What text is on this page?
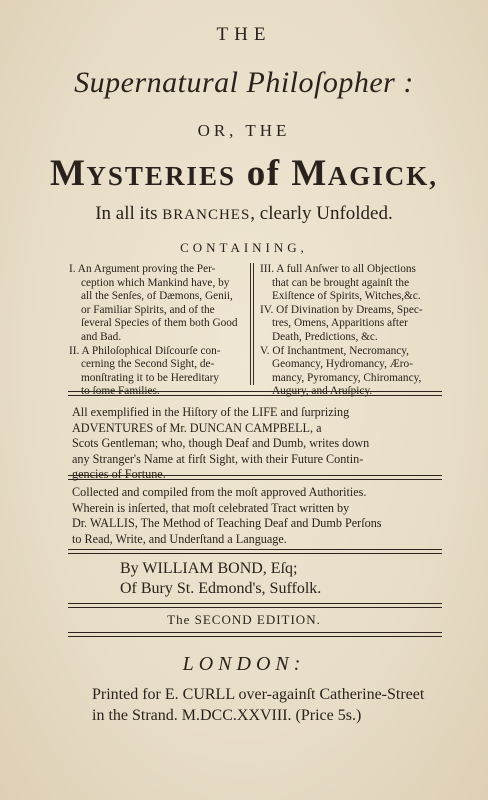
THE
Supernatural Philoſopher :
OR, THE
MYSTERIES of MAGICK,
In all its BRANCHES, clearly Unfolded.
CONTAINING,

I. An Argument proving the Per-
ception which Mankind have, by
all the Senſes, of Dæmons, Genii,
or Familiar Spirits, and of the
ſeveral Species of them both Good
and Bad.

II. A Philoſophical Diſcourſe con-
cerning the Second Sight, de-
monſtrating it to be Hereditary
to ſome Families.

III. A full Anſwer to all Objections
that can be brought againſt the
Exiſtence of Spirits, Witches,&c.

IV. Of Divination by Dreams, Spec-
tres, Omens, Apparitions after
Death, Predictions, &c.

V. Of Inchantment, Necromancy,
Geomancy, Hydromancy, Æro-
mancy, Pyromancy, Chiromancy,
Augury, and Aruſpicy.

All exemplified in the Hiſtory of the LIFE and ſurprizing
ADVENTURES of Mr. DUNCAN CAMPBELL, a
Scots Gentleman; who, though Deaf and Dumb, writes down
any Stranger's Name at firſt Sight, with their Future Contin-
gencies of Fortune.
Collected and compiled from the moſt approved Authorities.
Wherein is inſerted, that moſt celebrated Tract written by
Dr. WALLIS, The Method of Teaching Deaf and Dumb Perſons
to Read, Write, and Underſtand a Language.
By WILLIAM BOND, Eſq;
Of Bury St. Edmond's, Suffolk.
The SECOND EDITION.
LONDON:
Printed for E. CURLL over-againſt Catherine-Street
in the Strand. M.DCC.XXVIII. (Price 5s.)
